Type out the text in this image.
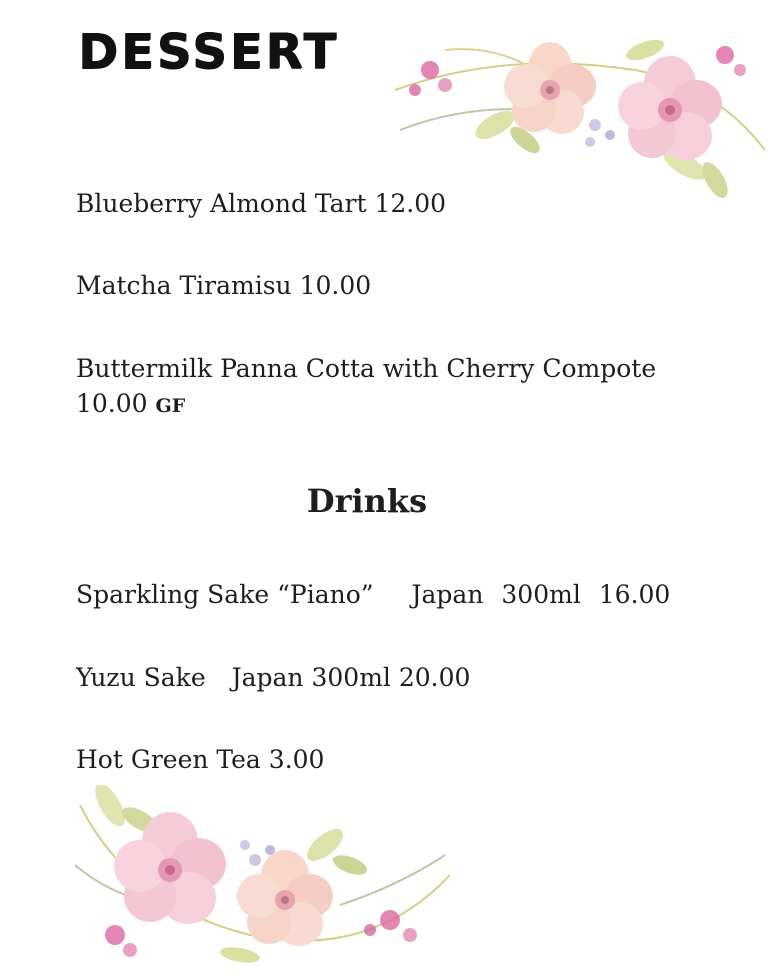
DESSERT

Blueberry Almond Tart 12.00

Matcha Tiramisu 10.00

Buttermilk Panna Cotta with Cherry Compote
10.00 GF

Drinks

Sparkling Sake “Piano” Japan 300ml 16.00

Yuzu Sake Japan 300ml 20.00

Hot Green Tea 3.00
